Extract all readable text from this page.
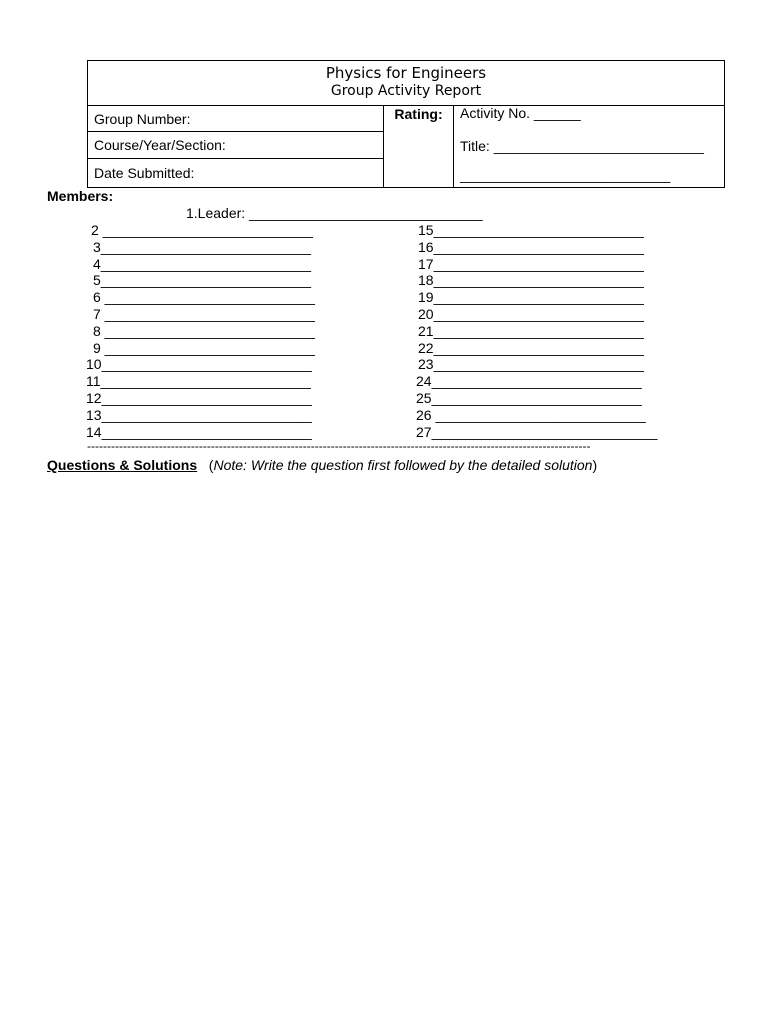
Physics for Engineers
Group Activity Report
Group Number:
Course/Year/Section:
Date Submitted:
Rating:	Activity No. ______
Title: ___________________________
___________________________
Members:
1.Leader: ______________________________
2 ___________________________
3___________________________
4___________________________
5___________________________
6 ___________________________
7 ___________________________
8 ___________________________
9 ___________________________
10___________________________
11___________________________
12___________________________
13___________________________
14___________________________
15___________________________
16___________________________
17___________________________
18___________________________
19___________________________
20___________________________
21___________________________
22___________________________
23___________________________
24___________________________
25___________________________
26 ___________________________
27_____________________________
------------------------------------------------------------------------------------------------------------------------------
Questions & Solutions (Note: Write the question first followed by the detailed solution)
